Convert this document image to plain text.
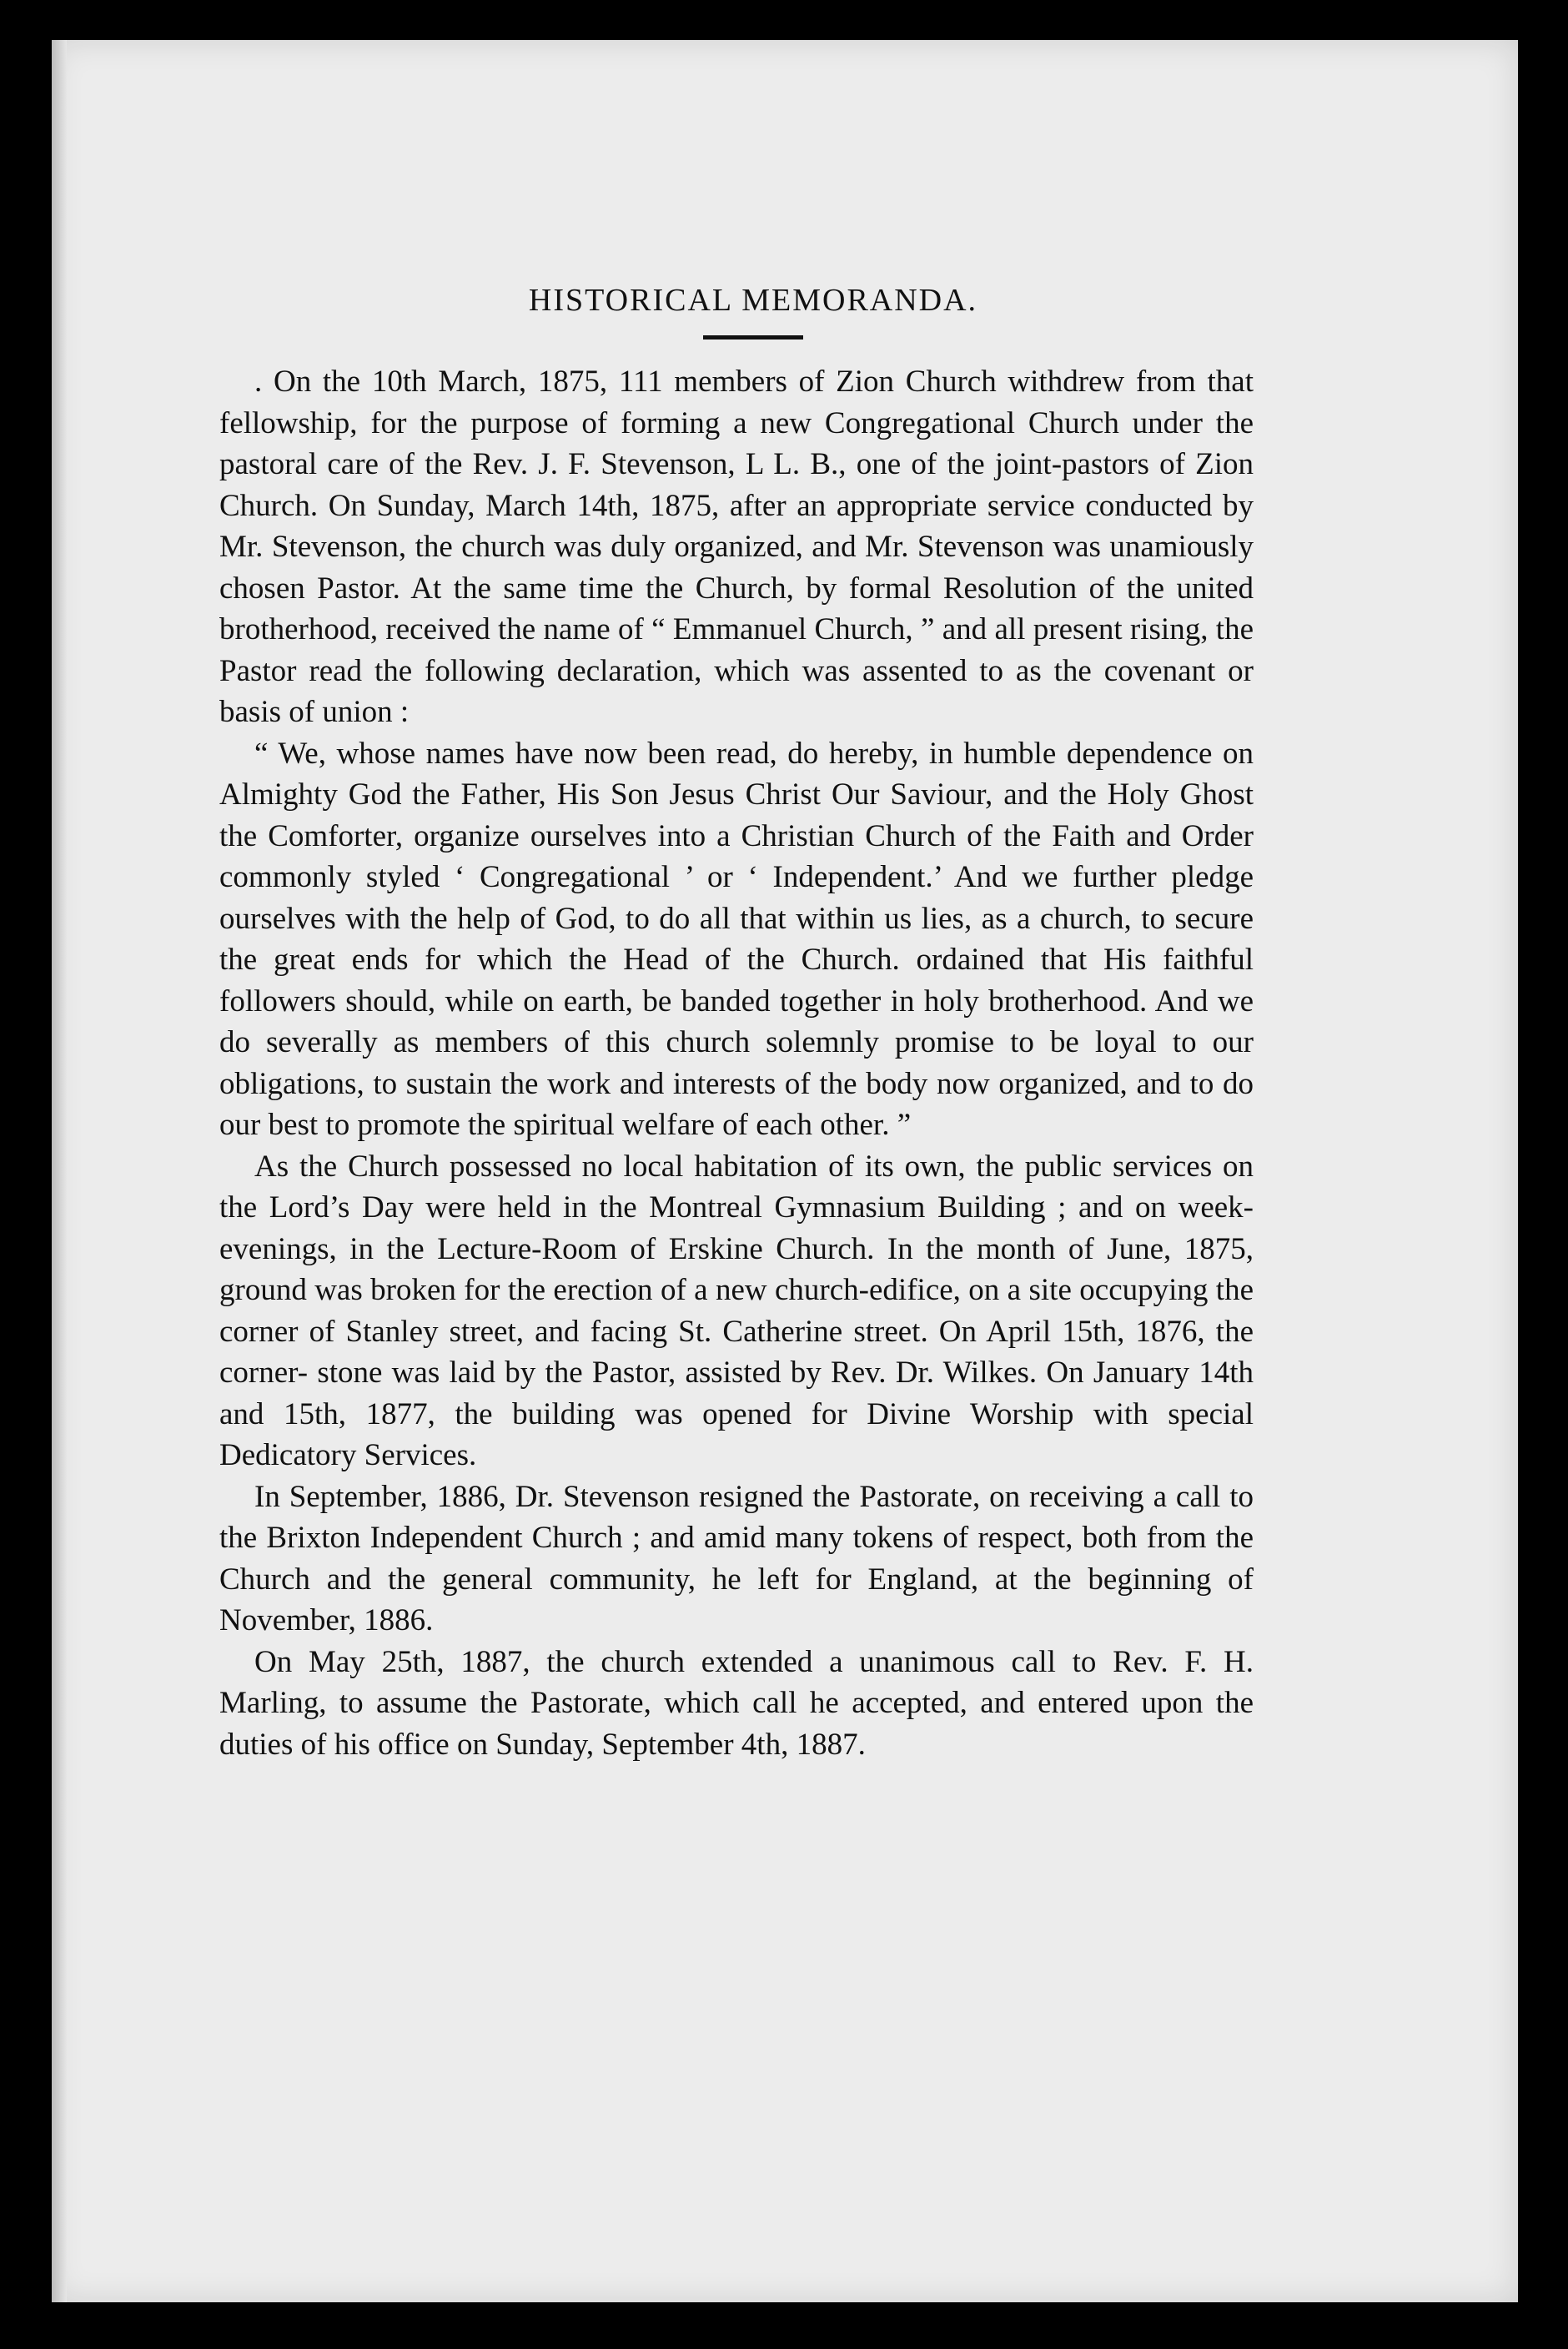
HISTORICAL MEMORANDA.

. On the 10th March, 1875, 111 members of Zion Church withdrew from that fellowship, for the purpose of forming a new Congregational Church under the pastoral care of the Rev. J. F. Stevenson, L L. B., one of the joint-pastors of Zion Church. On Sunday, March 14th, 1875, after an appropriate service conducted by Mr. Stevenson, the church was duly organized, and Mr. Stevenson was unamiously chosen Pastor. At the same time the Church, by formal Resolution of the united brotherhood, received the name of “ Emmanuel Church, ” and all present rising, the Pastor read the following declaration, which was assented to as the covenant or basis of union :

“ We, whose names have now been read, do hereby, in humble dependence on Almighty God the Father, His Son Jesus Christ Our Saviour, and the Holy Ghost the Comforter, organize ourselves into a Christian Church of the Faith and Order commonly styled ‘ Congregational ’ or ‘ Independent.’ And we further pledge ourselves with the help of God, to do all that within us lies, as a church, to secure the great ends for which the Head of the Church. ordained that His faithful followers should, while on earth, be banded together in holy brotherhood. And we do severally as members of this church solemnly promise to be loyal to our obligations, to sustain the work and interests of the body now organized, and to do our best to promote the spiritual welfare of each other. ”

As the Church possessed no local habitation of its own, the public services on the Lord’s Day were held in the Montreal Gymnasium Building ; and on week-evenings, in the Lecture-Room of Erskine Church. In the month of June, 1875, ground was broken for the erection of a new church-edifice, on a site occupying the corner of Stanley street, and facing St. Catherine street. On April 15th, 1876, the corner- stone was laid by the Pastor, assisted by Rev. Dr. Wilkes. On January 14th and 15th, 1877, the building was opened for Divine Worship with special Dedicatory Services.

In September, 1886, Dr. Stevenson resigned the Pastorate, on receiving a call to the Brixton Independent Church ; and amid many tokens of respect, both from the Church and the general community, he left for England, at the beginning of November, 1886.

On May 25th, 1887, the church extended a unanimous call to Rev. F. H. Marling, to assume the Pastorate, which call he accepted, and entered upon the duties of his office on Sunday, September 4th, 1887.
